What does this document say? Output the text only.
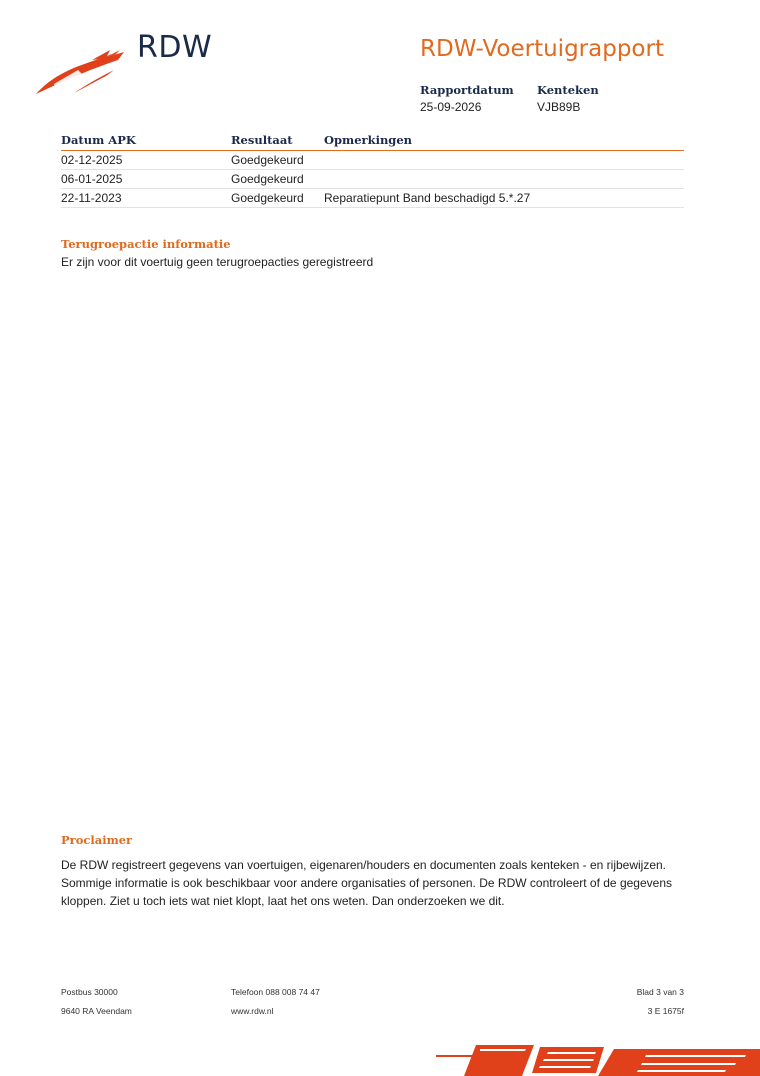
RDW	RDW-Voertuigrapport
Rapportdatum
25-09-2026
Kenteken
VJB89B
Datum APK	Resultaat	Opmerkingen
02-12-2025	Goedgekeurd	
06-01-2025	Goedgekeurd	
22-11-2023	Goedgekeurd	Reparatiepunt Band beschadigd 5.*.27
Terugroepactie informatie
Er zijn voor dit voertuig geen terugroepacties geregistreerd
Proclaimer
De RDW registreert gegevens van voertuigen, eigenaren/houders en documenten zoals kenteken - en rijbewijzen.
Sommige informatie is ook beschikbaar voor andere organisaties of personen. De RDW controleert of de gegevens
kloppen. Ziet u toch iets wat niet klopt, laat het ons weten. Dan onderzoeken we dit.
Postbus 30000
9640 RA Veendam
Telefoon 088 008 74 47
www.rdw.nl
Blad 3 van 3
3 E 1675f
